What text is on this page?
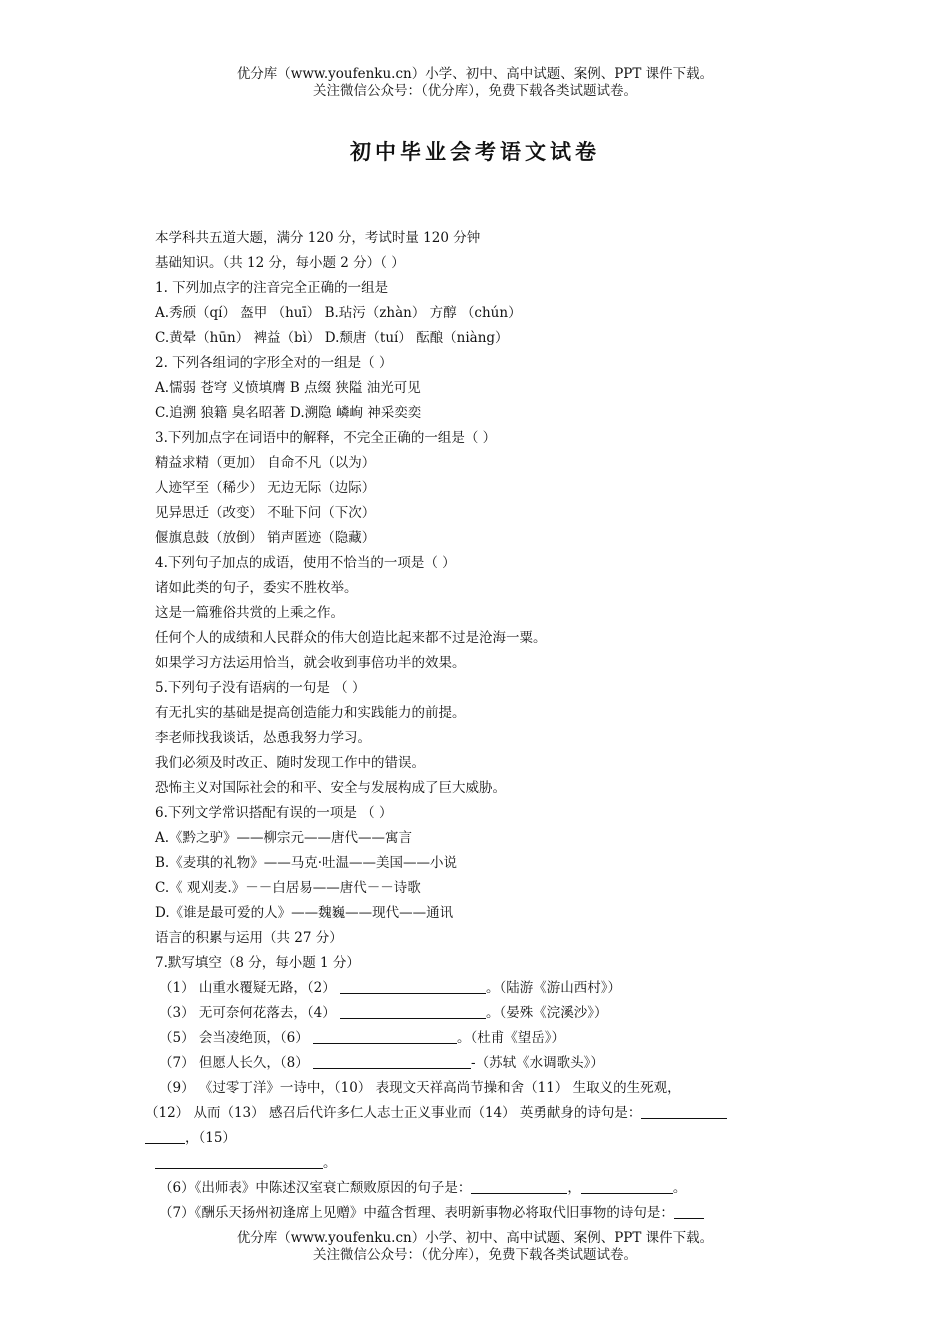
优分库（www.youfenku.cn）小学、初中、高中试题、案例、PPT 课件下载。
关注微信公众号：（优分库），免费下载各类试题试卷。
初中毕业会考语文试卷
本学科共五道大题，满分 120 分，考试时量 120 分钟
基础知识。（共 12 分，每小题 2 分）（ ）
1. 下列加点字的注音完全正确的一组是
A.秀颀（qí） 盔甲 （huī） B.玷污（zhàn） 方醇 （chún）
C.黄晕（hūn） 裨益（bì） D.颓唐（tuí） 酝酿（niàng）
2. 下列各组词的字形全对的一组是（ ）
A.懦弱 苍穹 义愤填膺 B 点缀 狭隘 油光可见
C.追溯 狼籍 臭名昭著 D.溯隐 嶙峋 神采奕奕
3.下列加点字在词语中的解释，不完全正确的一组是（ ）
精益求精（更加） 自命不凡（以为）
人迹罕至（稀少） 无边无际（边际）
见异思迁（改变） 不耻下问（下次）
偃旗息鼓（放倒） 销声匿迹（隐藏）
4.下列句子加点的成语，使用不恰当的一项是（ ）
诸如此类的句子，委实不胜枚举。
这是一篇雅俗共赏的上乘之作。
任何个人的成绩和人民群众的伟大创造比起来都不过是沧海一粟。
如果学习方法运用恰当，就会收到事倍功半的效果。
5.下列句子没有语病的一句是 （ ）
有无扎实的基础是提高创造能力和实践能力的前提。
李老师找我谈话，怂恿我努力学习。
我们必须及时改正、随时发现工作中的错误。
恐怖主义对国际社会的和平、安全与发展构成了巨大威胁。
6.下列文学常识搭配有误的一项是 （ ）
A.《黔之驴》——柳宗元——唐代——寓言
B.《麦琪的礼物》——马克·吐温——美国——小说
C.《 观刈麦.》－－白居易——唐代－－诗歌
D.《谁是最可爱的人》——魏巍——现代——通讯
语言的积累与运用（共 27 分）
7.默写填空（8 分，每小题 1 分）
（1） 山重水覆疑无路，（2）	。（陆游《游山西村》）
（3） 无可奈何花落去，（4）	。（晏殊《浣溪沙》）
（5） 会当凌绝顶，（6）	。（杜甫《望岳》）
（7） 但愿人长久，（8）	-（苏轼《水调歌头》）
（9） 《过零丁洋》一诗中，（10） 表现文天祥高尚节操和舍（11） 生取义的生死观，
（12） 从而（13） 感召后代许多仁人志士正义事业而（14） 英勇献身的诗句是：
，（15）
。
（6）《出师表》中陈述汉室衰亡颓败原因的句子是：	，	。
（7）《酬乐天扬州初逢席上见赠》中蕴含哲理、表明新事物必将取代旧事物的诗句是：
优分库（www.youfenku.cn）小学、初中、高中试题、案例、PPT 课件下载。
关注微信公众号：（优分库），免费下载各类试题试卷。
